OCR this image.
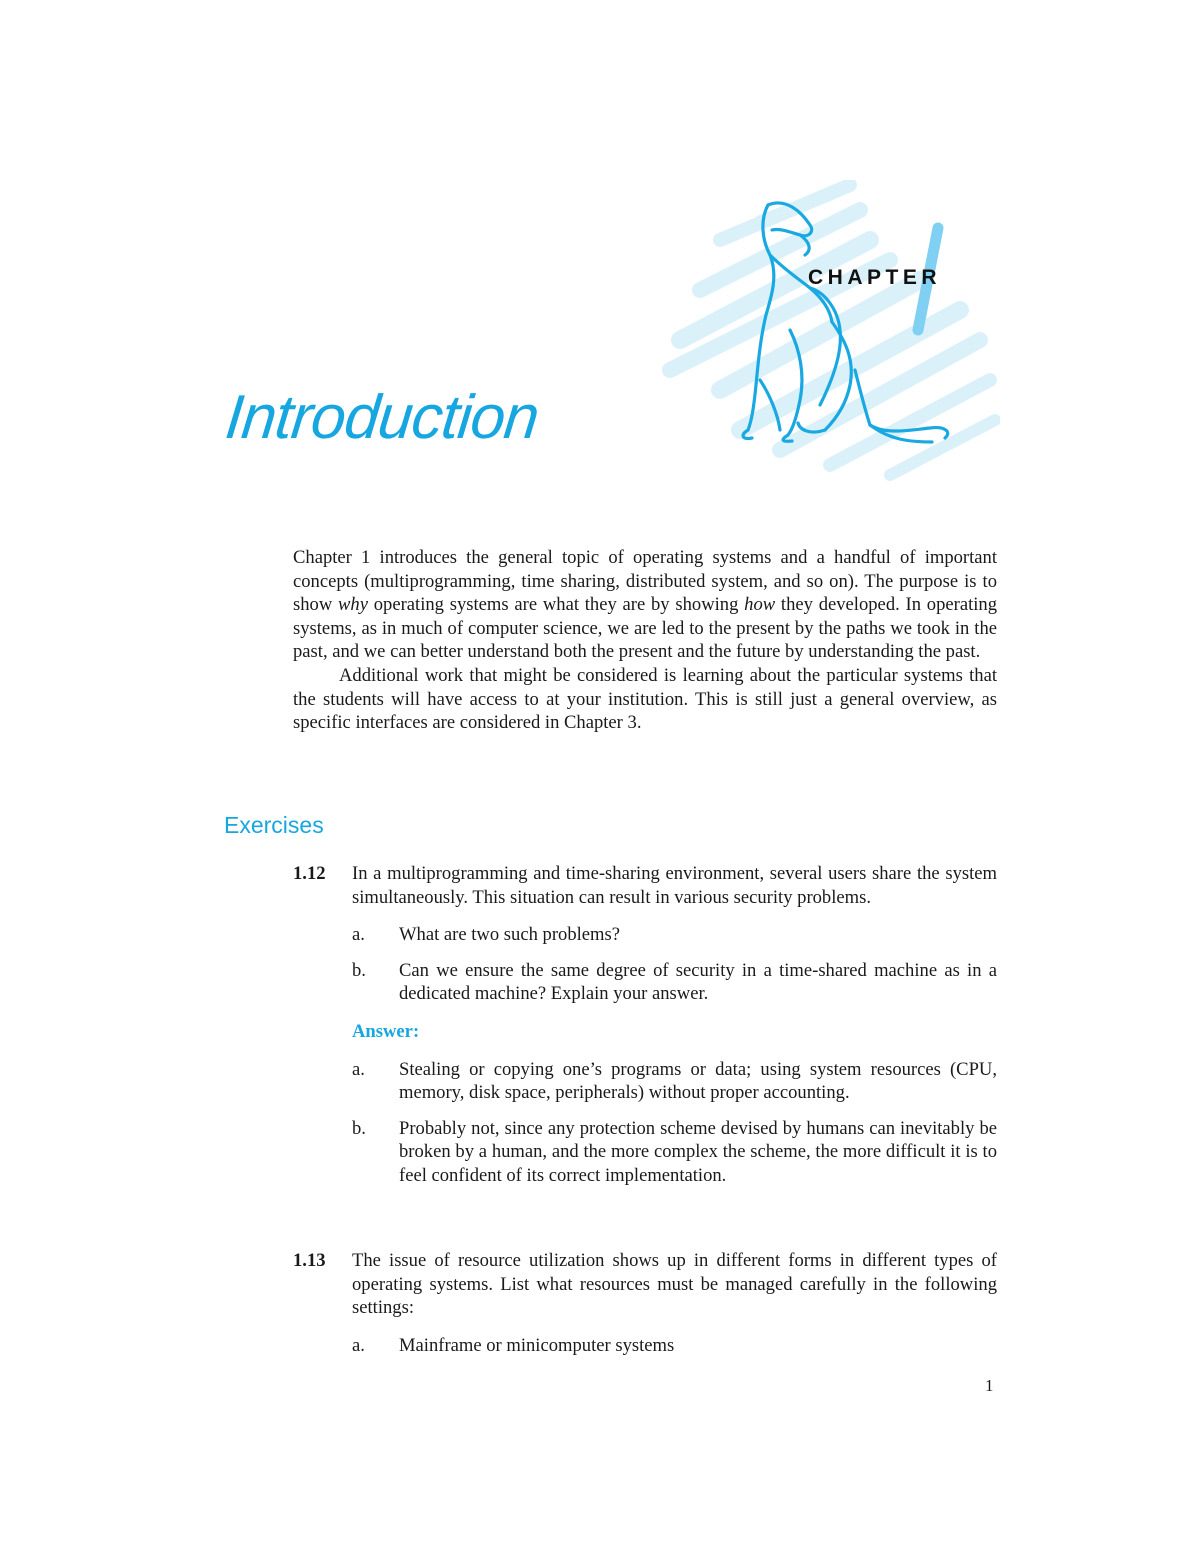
CHAPTER
Introduction

Chapter 1 introduces the general topic of operating systems and a handful of important concepts (multiprogramming, time sharing, distributed system, and so on). The purpose is to show why operating systems are what they are by showing how they developed. In operating systems, as in much of computer science, we are led to the present by the paths we took in the past, and we can better understand both the present and the future by understanding the past.

Additional work that might be considered is learning about the particular systems that the students will have access to at your institution. This is still just a general overview, as specific interfaces are considered in Chapter 3.

Exercises
1.12 In a multiprogramming and time-sharing environment, several users share the system simultaneously. This situation can result in various security problems.
a. What are two such problems?
b. Can we ensure the same degree of security in a time-shared machine as in a dedicated machine? Explain your answer.
Answer:
a. Stealing or copying one’s programs or data; using system resources (CPU, memory, disk space, peripherals) without proper accounting.
b. Probably not, since any protection scheme devised by humans can inevitably be broken by a human, and the more complex the scheme, the more difficult it is to feel confident of its correct implementation.
1.13 The issue of resource utilization shows up in different forms in different types of operating systems. List what resources must be managed carefully in the following settings:
a. Mainframe or minicomputer systems
1
